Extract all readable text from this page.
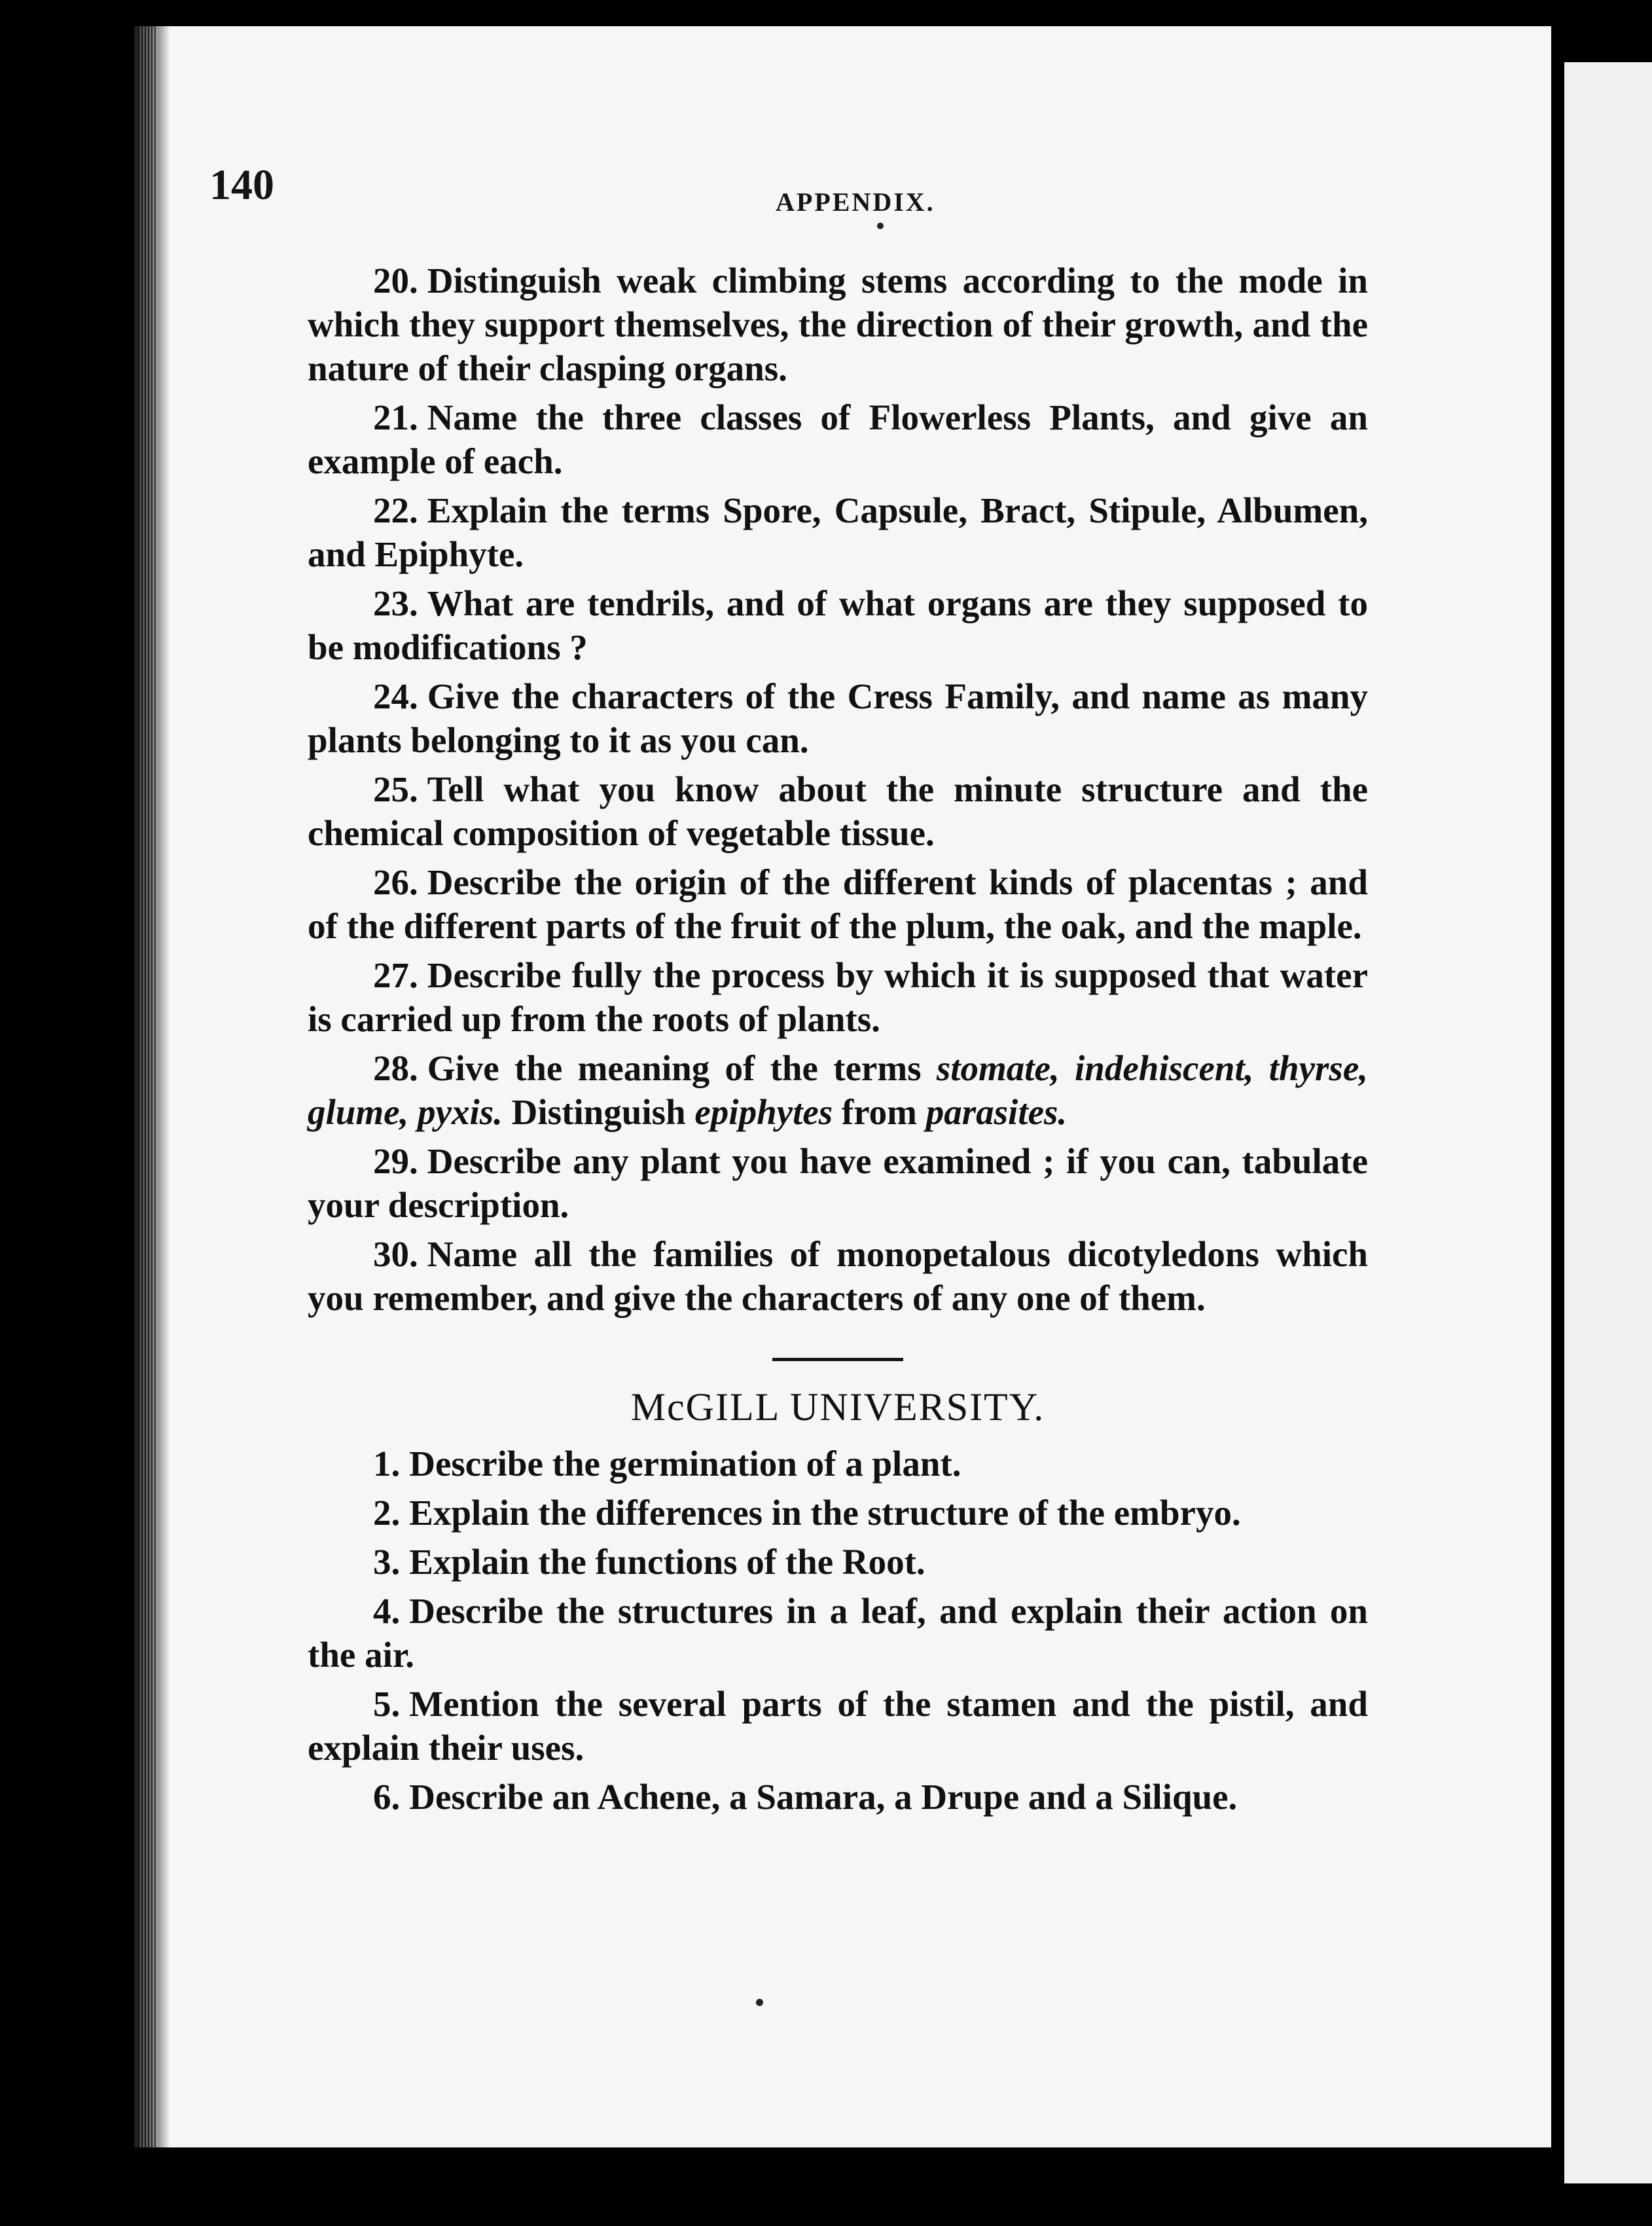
140	APPENDIX.

20. Distinguish weak climbing stems according to the mode in which they support themselves, the direction of their growth, and the nature of their clasping organs.

21. Name the three classes of Flowerless Plants, and give an example of each.

22. Explain the terms Spore, Capsule, Bract, Stipule, Albumen, and Epiphyte.

23. What are tendrils, and of what organs are they supposed to be modifications ?

24. Give the characters of the Cress Family, and name as many plants belonging to it as you can.

25. Tell what you know about the minute structure and the chemical composition of vegetable tissue.

26. Describe the origin of the different kinds of placentas ; and of the different parts of the fruit of the plum, the oak, and the maple.

27. Describe fully the process by which it is supposed that water is carried up from the roots of plants.

28. Give the meaning of the terms stomate, indehiscent, thyrse, glume, pyxis. Distinguish epiphytes from parasites.

29. Describe any plant you have examined ; if you can, tabulate your description.

30. Name all the families of monopetalous dicotyledons which you remember, and give the characters of any one of them.

McGILL UNIVERSITY.

1. Describe the germination of a plant.

2. Explain the differences in the structure of the embryo.

3. Explain the functions of the Root.

4. Describe the structures in a leaf, and explain their action on the air.

5. Mention the several parts of the stamen and the pistil, and explain their uses.

6. Describe an Achene, a Samara, a Drupe and a Silique.
